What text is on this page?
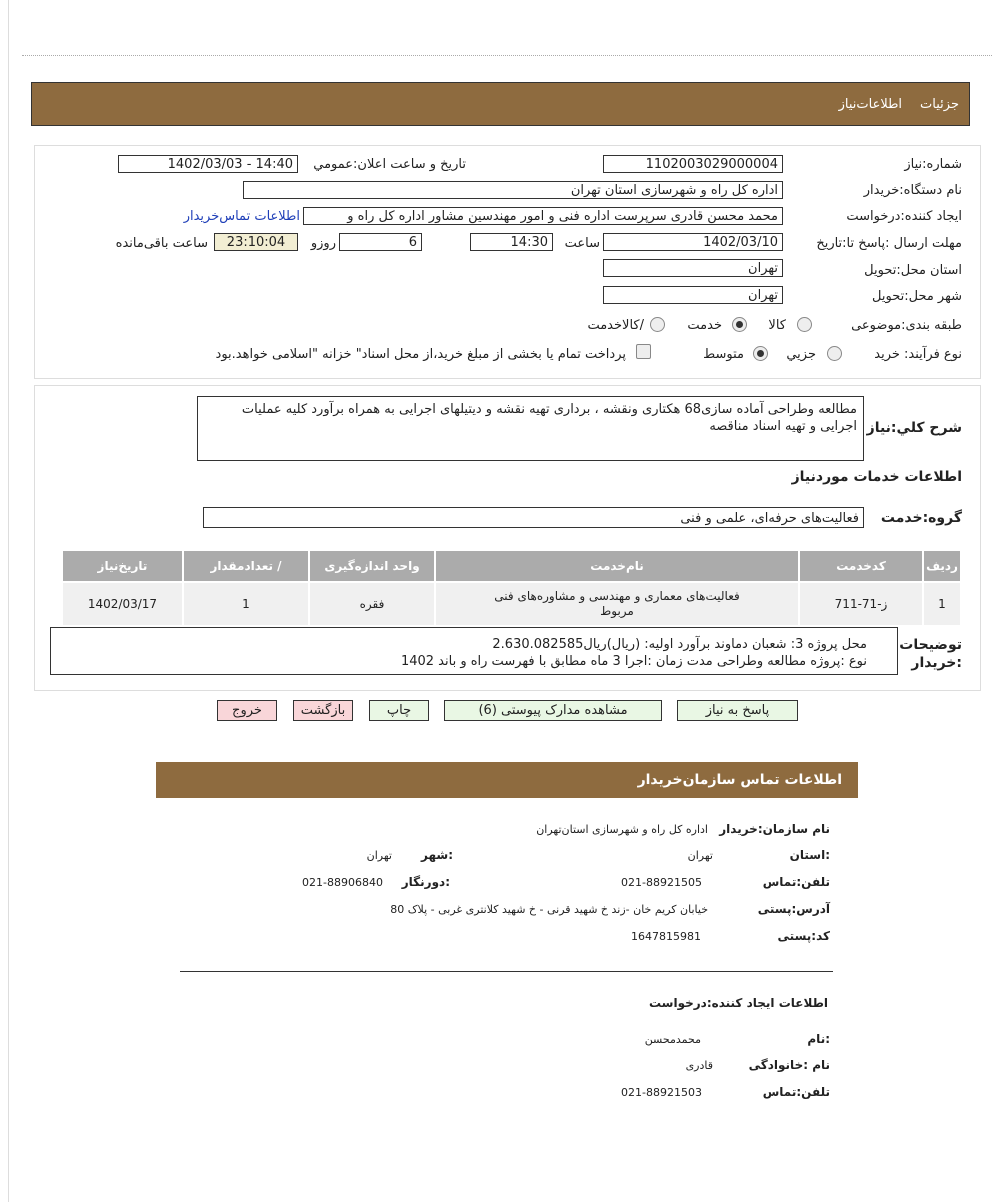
جزئیات
اطلاعات‌نیاز
شماره:نیاز
1102003029000004
تاریخ و ساعت اعلان:عمومي
1402/03/03 - 14:40
نام دستگاه:خریدار
اداره کل راه و شهرسازی استان تهران
ایجاد کننده:درخواست
محمد محسن قادری سرپرست اداره فنی و امور مهندسین مشاور اداره کل راه و
اطلاعات تماس‌خریدار
مهلت ارسال :پاسخ تا:تاریخ
1402/03/10
ساعت
14:30
6
روزو
23:10:04
ساعت باقی‌مانده
استان محل:تحویل
تهران
شهر محل:تحویل
تهران
طبقه بندی:موضوعی
کالا
خدمت
/کالاخدمت
نوع فرآیند: خرید
جزیي
متوسط
پرداخت تمام یا بخشی از مبلغ خرید،از محل اسناد" خزانه "اسلامی خواهد.بود
شرح کلي:نیاز
مطالعه وطراحی آماده سازی68 هکتاری ونقشه ، برداری تهیه نقشه و دیتیلهای اجرایی به همراه برآورد کلیه عملیات اجرایی و تهیه اسناد مناقصه
اطلاعات خدمات موردنیاز
گروه:خدمت
فعالیت‌های حرفه‌ای، علمی و فنی
ردیف	کدخدمت	نام‌خدمت	واحد اندازه‌گیری	/ تعدادمقدار	تاریخ‌نیاز
1	ز-71-711	فعالیت‌های معماری و مهندسی و مشاوره‌های فنی مربوط	فقره	1	1402/03/17
توضیحات :خریدار
محل پروژه 3: شعبان دماوند برآورد اولیه: (ریال)ریال2.630.082585
نوع :پروژه مطالعه وطراحی مدت زمان :اجرا 3 ماه مطابق با فهرست راه و باند 1402
پاسخ به نیاز
مشاهده مدارک پیوستی (6)
چاپ
بازگشت
خروج
اطلاعات تماس سازمان‌خریدار
نام سازمان:خریدار
اداره کل راه و شهرسازی استان‌تهران
:استان
تهران
:شهر
تهران
تلفن:تماس
021-88921505
:دورنگار
021-88906840
آدرس:پستی
خیابان کریم خان -زند خ شهید قرنی - خ شهید کلانتری غربی - پلاک 80
کد:پستی
1647815981
اطلاعات ایجاد کننده:درخواست
:نام
محمدمحسن
نام :خانوادگی
قادری
تلفن:تماس
021-88921503
